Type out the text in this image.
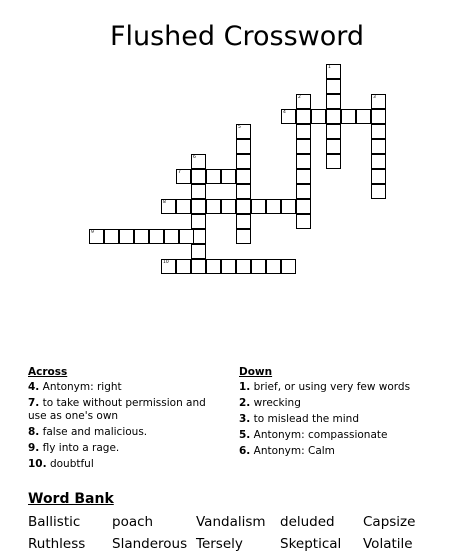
Flushed Crossword
1
2	3
4
5
6
7
8
9
10
Across
4. Antonym: right
7. to take without permission and use as one's own
8. false and malicious.
9. fly into a rage.
10. doubtful
Down
1. brief, or using very few words
2. wrecking
3. to mislead the mind
5. Antonym: compassionate
6. Antonym: Calm
Word Bank
Ballistic poach	Vandalism deluded Capsize
Ruthless Slanderous Tersely	Skeptical Volatile
